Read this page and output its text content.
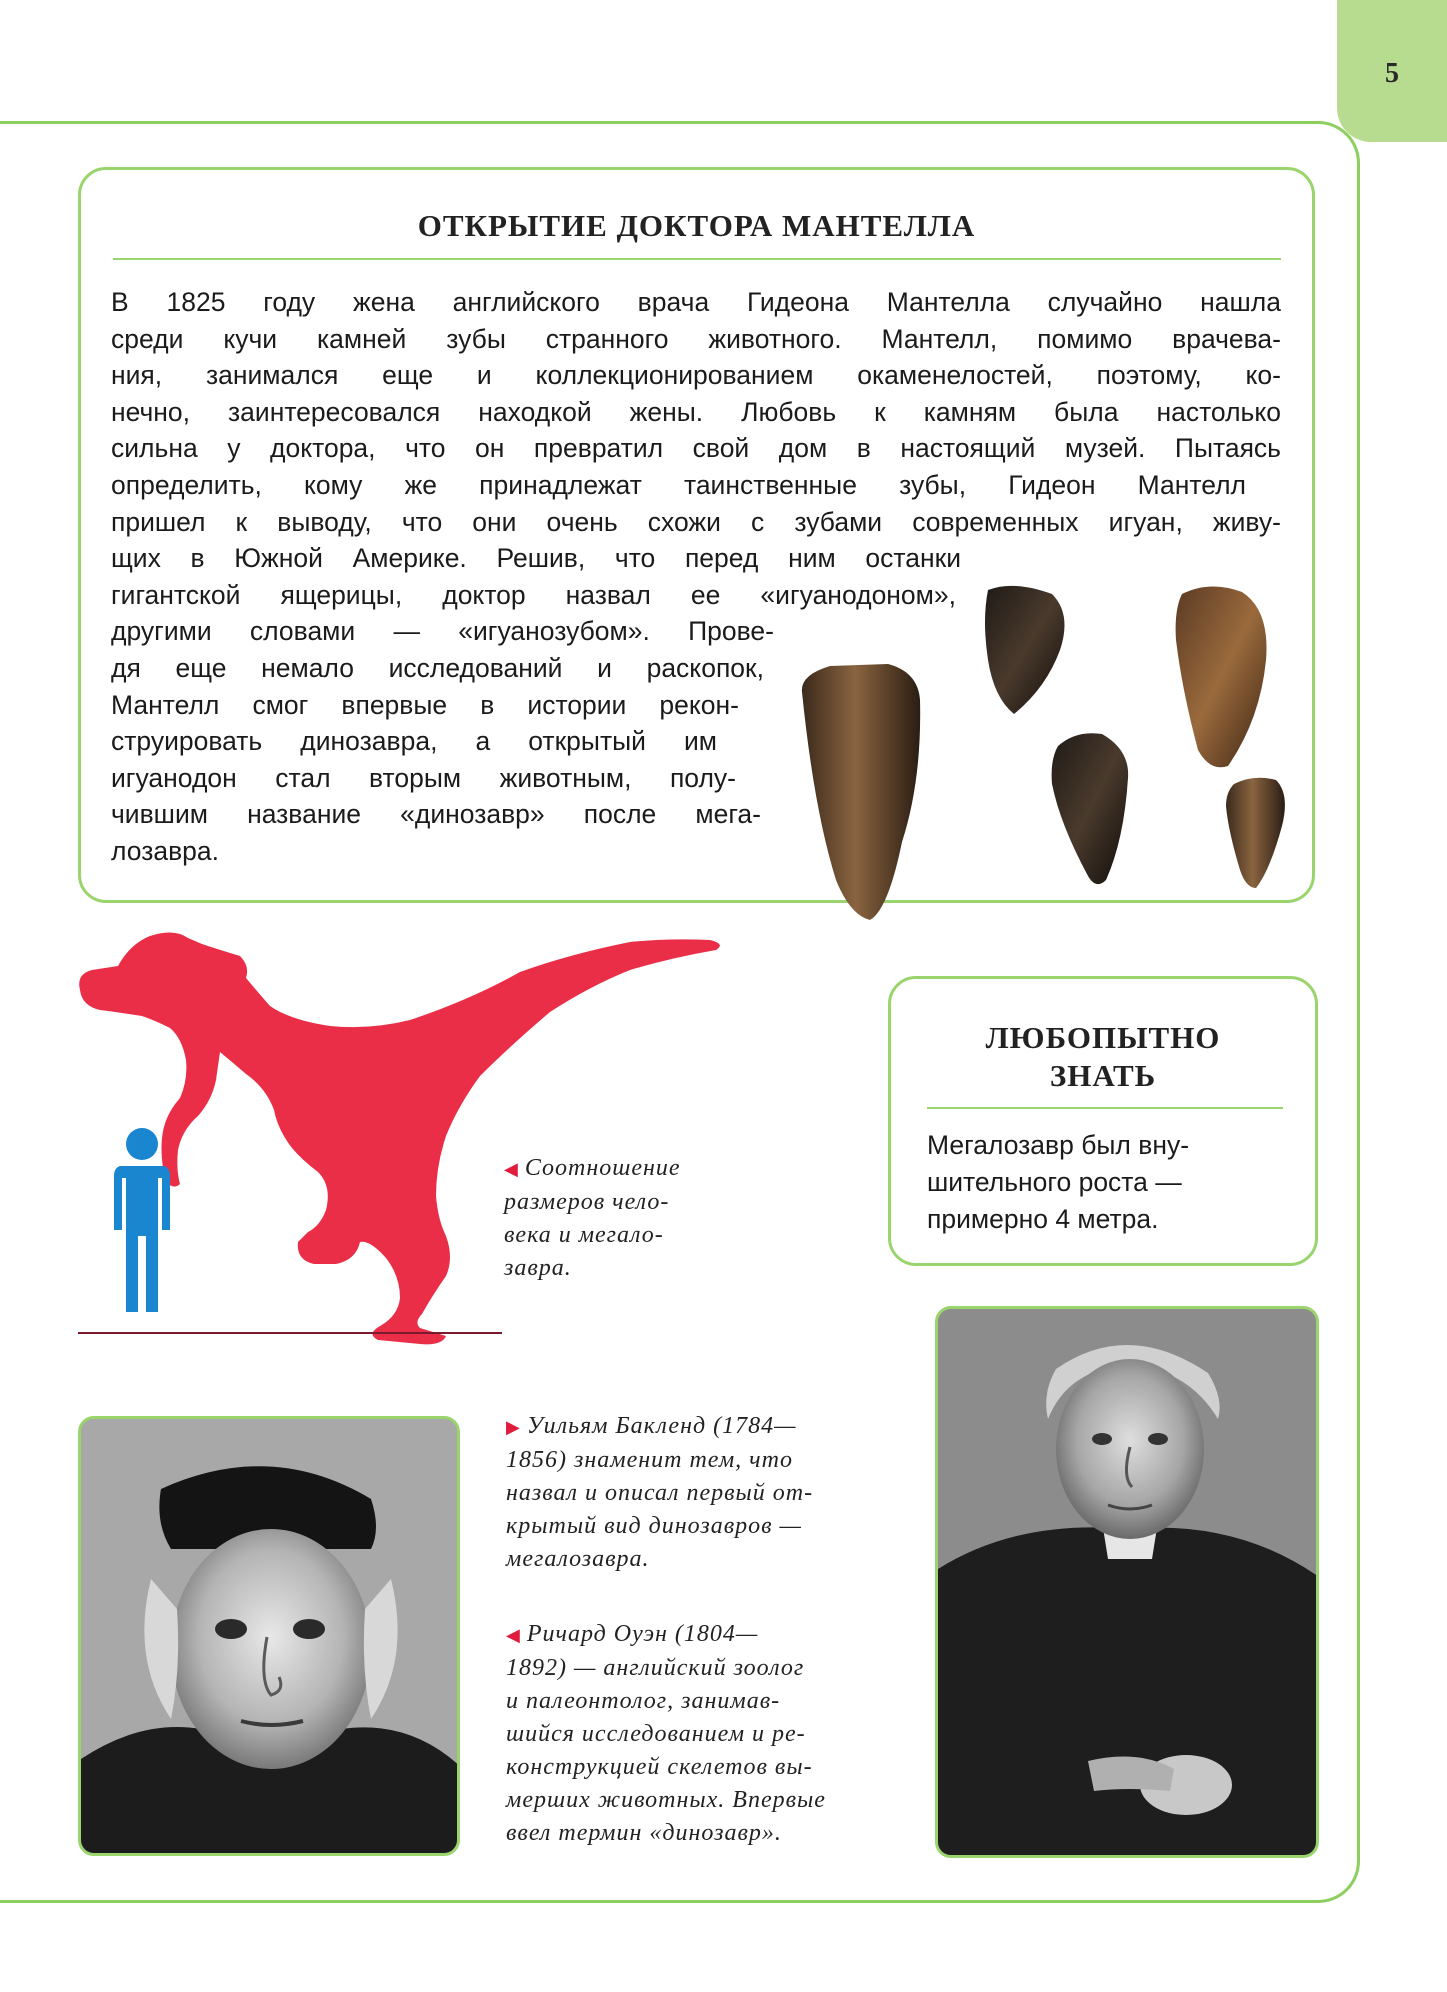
5
ОТКРЫТИЕ ДОКТОРА МАНТЕЛЛА

В 1825 году жена английского врача Гидеона Мантелла случайно нашла

среди кучи камней зубы странного животного. Мантелл, помимо врачева-

ния, занимался еще и коллекционированием окаменелостей, поэтому, ко-

нечно, заинтересовался находкой жены. Любовь к камням была настолько

сильна у доктора, что он превратил свой дом в настоящий музей. Пытаясь

определить, кому же принадлежат таинственные зубы, Гидеон Мантелл

пришел к выводу, что они очень схожи с зубами современных игуан, живу-

щих в Южной Америке. Решив, что перед ним останки

гигантской ящерицы, доктор назвал ее «игуанодоном»,

другими словами — «игуанозубом». Прове-

дя еще немало исследований и раскопок,

Мантелл смог впервые в истории рекон-

струировать динозавра, а открытый им

игуанодон стал вторым животным, полу-

чившим название «динозавр» после мега-

лозавра.

◀ Соотношение
размеров чело-
века и мегало-
завра.

ЛЮБОПЫТНО
ЗНАТЬ
Мегалозавр был вну-
шительного роста —
примерно 4 метра.

▶ Уильям Бакленд (1784—
1856) знаменит тем, что
назвал и описал первый от-
крытый вид динозавров —
мегалозавра.

◀ Ричард Оуэн (1804—
1892) — английский зоолог
и палеонтолог, занимав-
шийся исследованием и ре-
конструкцией скелетов вы-
мерших животных. Впервые
ввел термин «динозавр».
